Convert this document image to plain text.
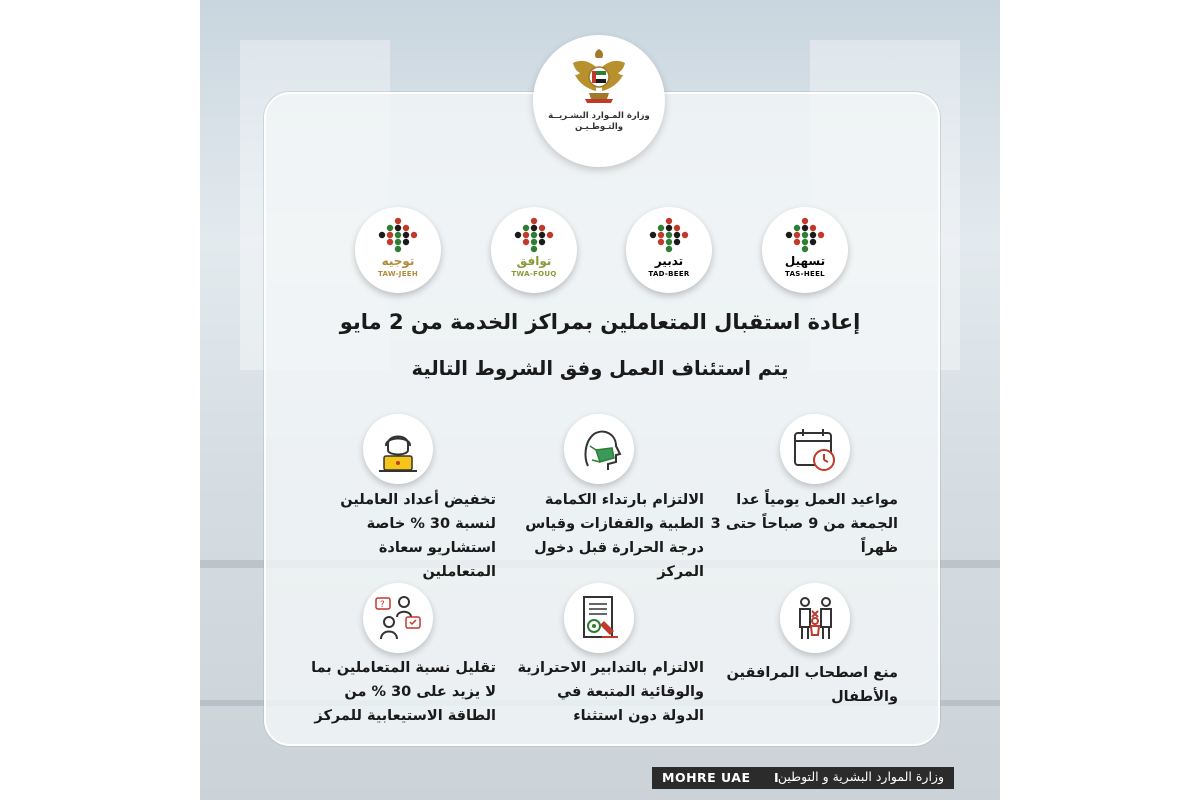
وزارة المـوارد البشـريــة
والتـوطـيـن
تسهيل
TAS-HEEL
تدبير
TAD-BEER
توافق
TWA-FOUQ
توجيه
TAW-JEEH
إعادة استقبال المتعاملين بمراكز الخدمة من 2 مايو
يتم استئناف العمل وفق الشروط التالية
مواعيد العمل يومياً عدا الجمعة من 9 صباحاً حتى 3 ظهراً
الالتزام بارتداء الكمامة الطبية والقفازات وقياس درجة الحرارة قبل دخول المركز
تخفيض أعداد العاملين لنسبة 30 % خاصة استشاريو سعادة المتعاملين
?
منع اصطحاب المرافقين والأطفال
الالتزام بالتدابير الاحترازية والوقائية المتبعة في الدولة دون استثناء
تقليل نسبة المتعاملين بما لا يزيد على 30 % من الطاقة الاستيعابية للمركز
MOHRE UAE I وزارة الموارد البشرية و التوطين
